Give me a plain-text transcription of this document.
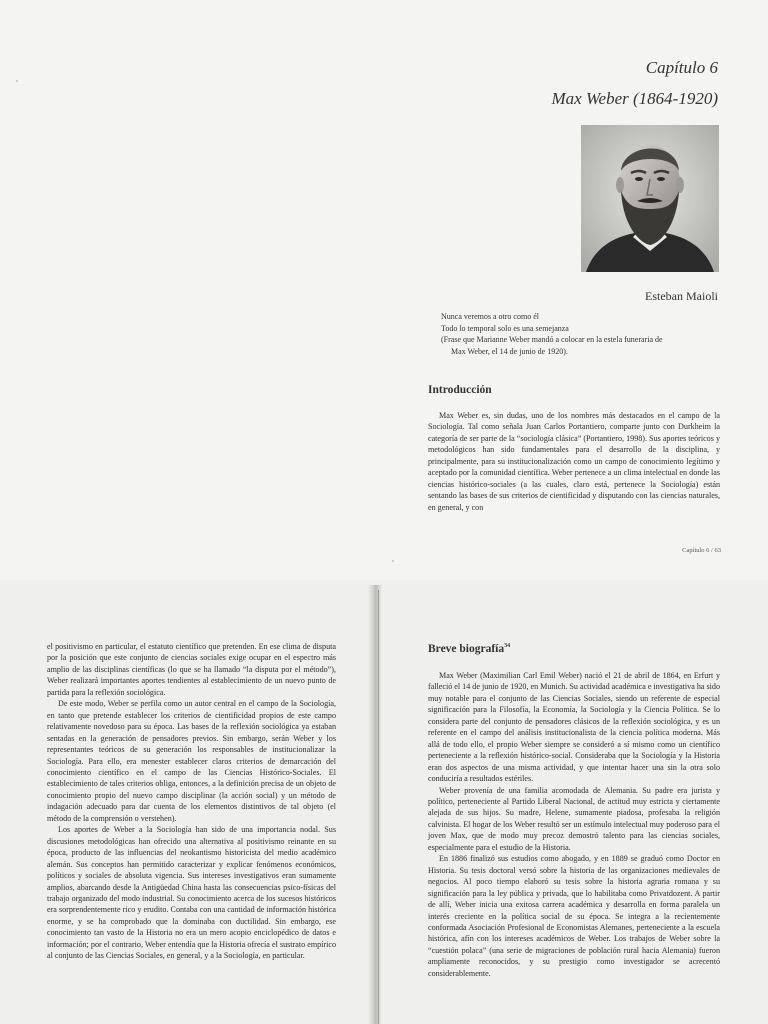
Capítulo 6
Max Weber (1864-1920)
Esteban Maioli
Nunca veremos a otro como él
Todo lo temporal solo es una semejanza
(Frase que Marianne Weber mandó a colocar en la estela funeraria de
Max Weber, el 14 de junio de 1920).
Introducción

Max Weber es, sin dudas, uno de los nombres más destacados en el campo de la Sociología. Tal como señala Juan Carlos Portantiero, comparte junto con Durkheim la categoría de ser parte de la “sociología clásica” (Portantiero, 1998). Sus aportes teóricos y metodológicos han sido fundamentales para el desarrollo de la disciplina, y principalmente, para su institucionalización como un campo de conocimiento legítimo y aceptado por la comunidad científica. Weber pertenece a un clima intelectual en donde las ciencias histórico-sociales (a las cuales, claro está, pertenece la Sociología) están sentando las bases de sus criterios de cientificidad y disputando con las ciencias naturales, en general, y con

Capítulo 6 / 63

el positivismo en particular, el estatuto científico que pretenden. En ese clima de disputa por la posición que este conjunto de ciencias sociales exige ocupar en el espectro más amplio de las disciplinas científicas (lo que se ha llamado “la disputa por el método”), Weber realizará importantes aportes tendientes al establecimiento de un nuevo punto de partida para la reflexión sociológica.

De este modo, Weber se perfila como un autor central en el campo de la Sociología, en tanto que pretende establecer los criterios de cientificidad propios de este campo relativamente novedoso para su época. Las bases de la reflexión sociológica ya estaban sentadas en la generación de pensadores previos. Sin embargo, serán Weber y los representantes teóricos de su generación los responsables de institucionalizar la Sociología. Para ello, era menester establecer claros criterios de demarcación del conocimiento científico en el campo de las Ciencias Histórico-Sociales. El establecimiento de tales criterios obliga, entonces, a la definición precisa de un objeto de conocimiento propio del nuevo campo disciplinar (la acción social) y un método de indagación adecuado para dar cuenta de los elementos distintivos de tal objeto (el método de la comprensión o verstehen).

Los aportes de Weber a la Sociología han sido de una importancia nodal. Sus discusiones metodológicas han ofrecido una alternativa al positivismo reinante en su época, producto de las influencias del neokantismo historicista del medio académico alemán. Sus conceptos han permitido caracterizar y explicar fenómenos económicos, políticos y sociales de absoluta vigencia. Sus intereses investigativos eran sumamente amplios, abarcando desde la Antigüedad China hasta las consecuencias psico-físicas del trabajo organizado del modo industrial. Su conocimiento acerca de los sucesos históricos era sorprendentemente rico y erudito. Contaba con una cantidad de información histórica enorme, y se ha comprobado que la dominaba con ductilidad. Sin embargo, ese conocimiento tan vasto de la Historia no era un mero acopio enciclopédico de datos e información; por el contrario, Weber entendía que la Historia ofrecía el sustrato empírico al conjunto de las Ciencias Sociales, en general, y a la Sociología, en particular.

Breve biografía$^{34}$

Max Weber (Maximilian Carl Emil Weber) nació el 21 de abril de 1864, en Erfurt y falleció el 14 de junio de 1920, en Munich. Su actividad académica e investigativa ha sido muy notable para el conjunto de las Ciencias Sociales, siendo un referente de especial significación para la Filosofía, la Economía, la Sociología y la Ciencia Política. Se lo considera parte del conjunto de pensadores clásicos de la reflexión sociológica, y es un referente en el campo del análisis institucionalista de la ciencia política moderna. Más allá de todo ello, el propio Weber siempre se consideró a sí mismo como un científico perteneciente a la reflexión histórico-social. Consideraba que la Sociología y la Historia eran dos aspectos de una misma actividad, y que intentar hacer una sin la otra solo conduciría a resultados estériles.

Weber provenía de una familia acomodada de Alemania. Su padre era jurista y político, perteneciente al Partido Liberal Nacional, de actitud muy estricta y ciertamente alejada de sus hijos. Su madre, Helene, sumamente piadosa, profesaba la religión calvinista. El hogar de los Weber resultó ser un estímulo intelectual muy poderoso para el joven Max, que de modo muy precoz demostró talento para las ciencias sociales, especialmente para el estudio de la Historia.

En 1886 finalizó sus estudios como abogado, y en 1889 se graduó como Doctor en Historia. Su tesis doctoral versó sobre la historia de las organizaciones medievales de negocios. Al poco tiempo elaboró su tesis sobre la historia agraria romana y su significación para la ley pública y privada, que lo habilitaba como Privatdozent. A partir de allí, Weber inicia una exitosa carrera académica y desarrolla en forma paralela un interés creciente en la política social de su época. Se integra a la recientemente conformada Asociación Profesional de Economistas Alemanes, perteneciente a la escuela histórica, afín con los intereses académicos de Weber. Los trabajos de Weber sobre la “cuestión polaca” (una serie de migraciones de población rural hacia Alemania) fueron ampliamente reconocidos, y su prestigio como investigador se acrecentó considerablemente.
